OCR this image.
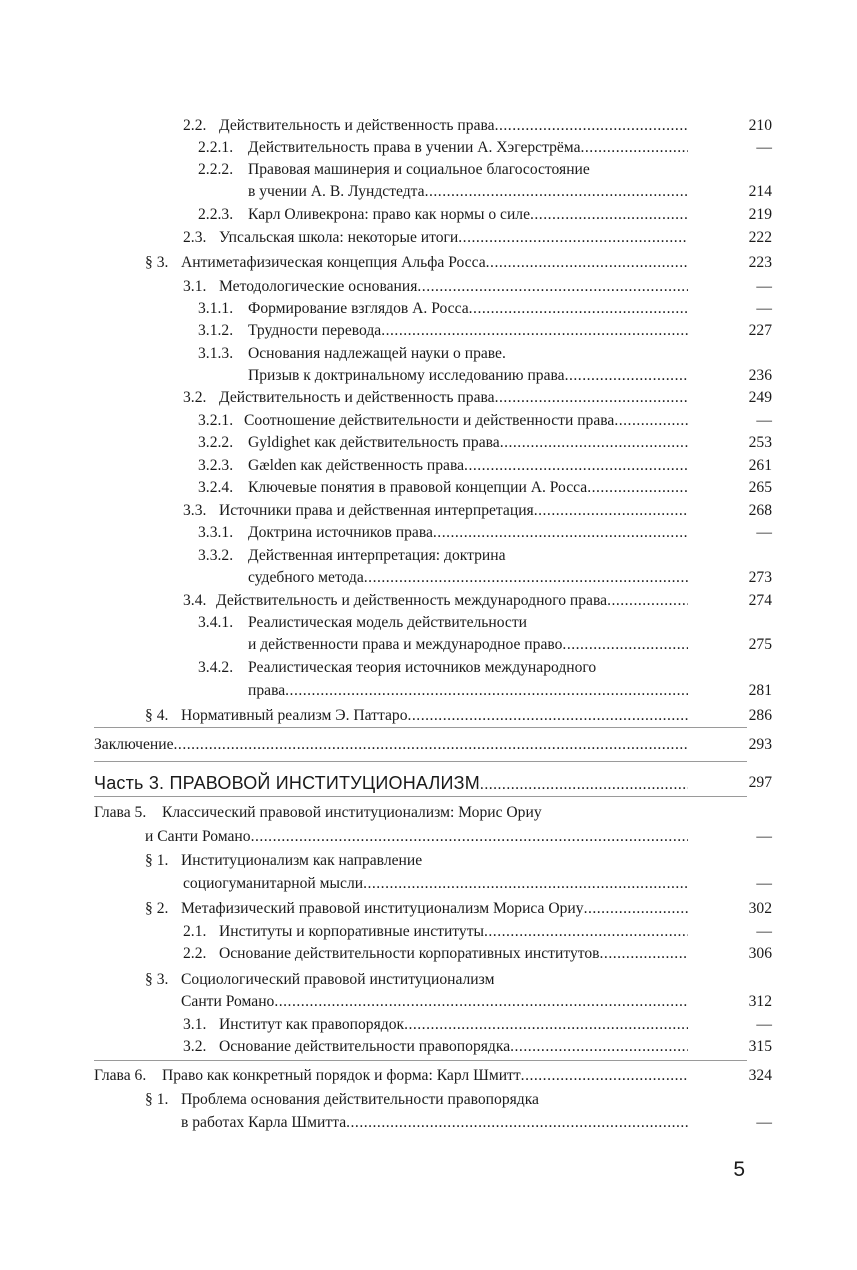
2.2. Действительность и действенность права .....	210
2.2.1. Действительность права в учении А. Хэгерстрёма .....	—
2.2.2. Правовая машинерия и социальное благосостояние
в учении А. В. Лундстедта .....	214
2.2.3. Карл Оливекрона: право как нормы о силе .....	219
2.3. Упсальская школа: некоторые итоги .....	222
§ 3. Антиметафизическая концепция Альфа Росса .....	223
3.1. Методологические основания .....	—
3.1.1. Формирование взглядов А. Росса .....	—
3.1.2. Трудности перевода .....	227
3.1.3. Основания надлежащей науки о праве.
Призыв к доктринальному исследованию права .....	236
3.2. Действительность и действенность права .....	249
3.2.1. Соотношение действительности и действенности права .....	—
3.2.2. Gyldighet как действительность права .....	253
3.2.3. Gælden как действенность права .....	261
3.2.4. Ключевые понятия в правовой концепции А. Росса .....	265
3.3. Источники права и действенная интерпретация .....	268
3.3.1. Доктрина источников права .....	—
3.3.2. Действенная интерпретация: доктрина
судебного метода .....	273
3.4. Действительность и действенность международного права .....	274
3.4.1. Реалистическая модель действительности
и действенности права и международное право .....	275
3.4.2. Реалистическая теория источников международного
права .....	281
§ 4. Нормативный реализм Э. Паттаро .....	286
Заключение .....	293
Часть 3. ПРАВОВОЙ ИНСТИТУЦИОНАЛИЗМ .....	297
Глава 5. Классический правовой институционализм: Морис Ориу
и Санти Романо .....	—
§ 1. Институционализм как направление
социогуманитарной мысли .....	—
§ 2. Метафизический правовой институционализм Мориса Ориу .....	302
2.1. Институты и корпоративные институты .....	—
2.2. Основание действительности корпоративных институтов .....	306
§ 3. Социологический правовой институционализм
Санти Романо .....	312
3.1. Институт как правопорядок .....	—
3.2. Основание действительности правопорядка .....	315
Глава 6. Право как конкретный порядок и форма: Карл Шмитт .....	324
§ 1. Проблема основания действительности правопорядка
в работах Карла Шмитта .....	—
5
